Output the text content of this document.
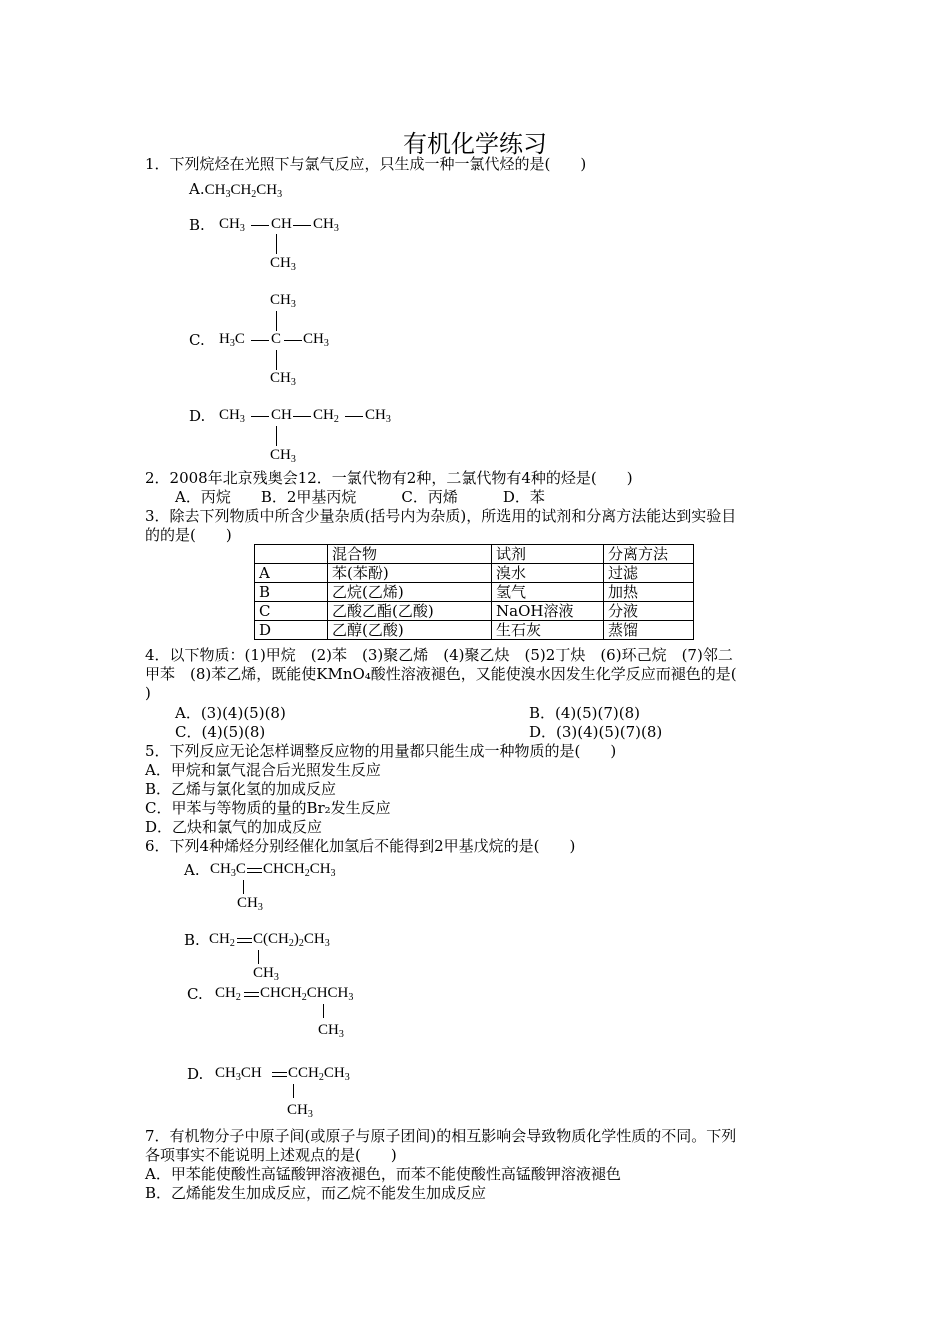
有机化学练习
1．下列烷烃在光照下与氯气反应，只生成一种一氯代烃的是(　　)
$A.CH_3CH_2CH_3$
B. $CH_3$ CH $CH_3$
$CH_3$
$CH_3$
C. $H_3C$ C $CH_3$
$CH_3$
D. $CH_3$ CH $CH_2$ $CH_3$
$CH_3$
2．2008年北京残奥会12．一氯代物有2种，二氯代物有4种的烃是(　　)
A．丙烷　　B．2甲基丙烷　　　C．丙烯　　　D．苯
3．除去下列物质中所含少量杂质(括号内为杂质)，所选用的试剂和分离方法能达到实验目
的的是(　　)
	混合物	试剂	分离方法
A	苯(苯酚)	溴水	过滤
B	乙烷(乙烯)	氢气	加热
C	乙酸乙酯(乙酸)	NaOH溶液	分液
D	乙醇(乙酸)	生石灰	蒸馏
4．以下物质：(1)甲烷　(2)苯　(3)聚乙烯　(4)聚乙炔　(5)2丁炔　(6)环己烷　(7)邻二
甲苯　(8)苯乙烯，既能使KMnO₄酸性溶液褪色，又能使溴水因发生化学反应而褪色的是(
)
A．(3)(4)(5)(8)	B．(4)(5)(7)(8)
C．(4)(5)(8)	D．(3)(4)(5)(7)(8)
5．下列反应无论怎样调整反应物的用量都只能生成一种物质的是(　　)
A．甲烷和氯气混合后光照发生反应
B．乙烯与氯化氢的加成反应
C．甲苯与等物质的量的Br₂发生反应
D．乙炔和氯气的加成反应
6．下列4种烯烃分别经催化加氢后不能得到2甲基戊烷的是(　　)
A. $CH_3C$ $CHCH_2CH_3$
$CH_3$
B. $CH_2$ $C(CH_2)_2CH_3$
$CH_3$
C. $CH_2$ $CHCH_2CHCH_3$
$CH_3$
D. $CH_3CH$ $CCH_2CH_3$
$CH_3$
7．有机物分子中原子间(或原子与原子团间)的相互影响会导致物质化学性质的不同。下列
各项事实不能说明上述观点的是(　　)
A．甲苯能使酸性高锰酸钾溶液褪色，而苯不能使酸性高锰酸钾溶液褪色
B．乙烯能发生加成反应，而乙烷不能发生加成反应
